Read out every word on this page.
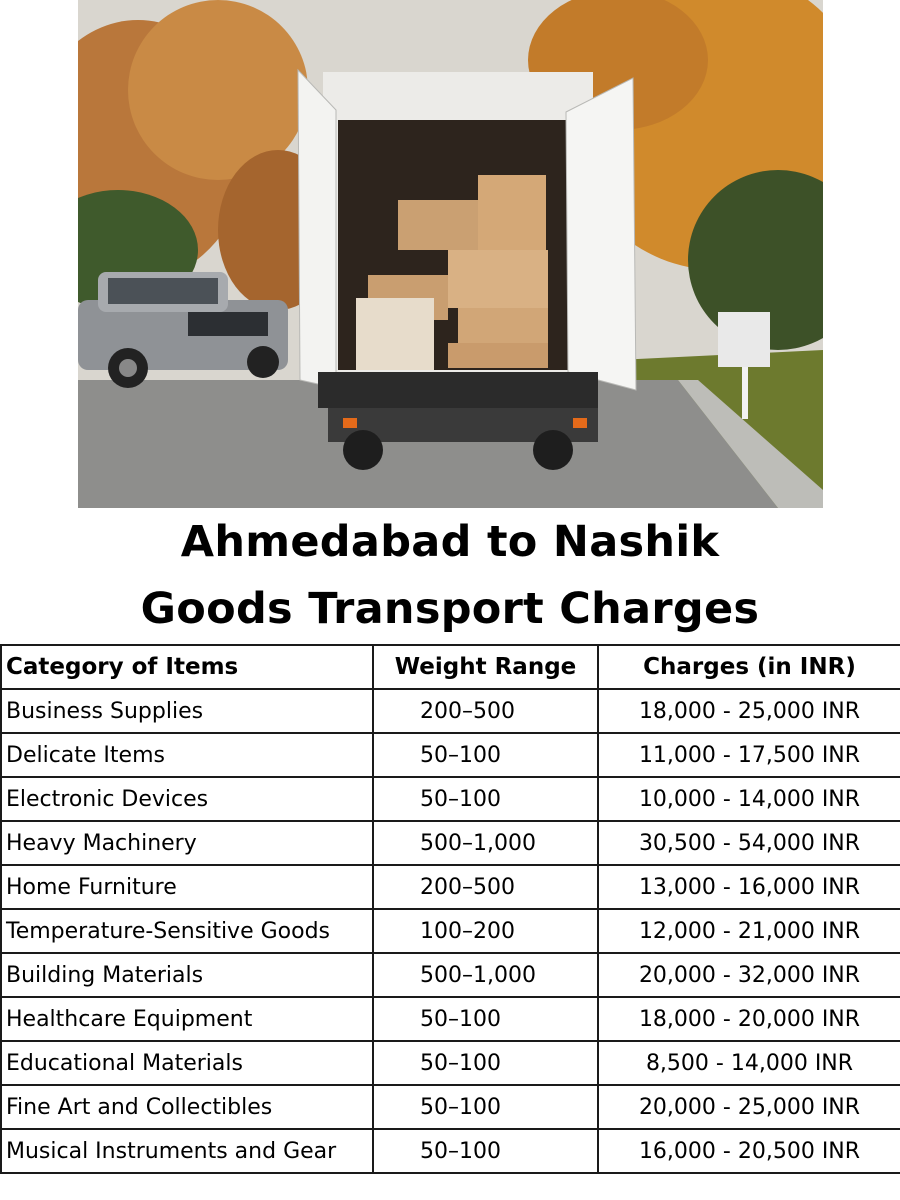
Ahmedabad to Nashik
Goods Transport Charges
Category of Items	Weight Range	Charges (in INR)
Business Supplies	200–500	18,000 - 25,000 INR
Delicate Items	50–100	11,000 - 17,500 INR
Electronic Devices	50–100	10,000 - 14,000 INR
Heavy Machinery	500–1,000	30,500 - 54,000 INR
Home Furniture	200–500	13,000 - 16,000 INR
Temperature-Sensitive Goods	100–200	12,000 - 21,000 INR
Building Materials	500–1,000	20,000 - 32,000 INR
Healthcare Equipment	50–100	18,000 - 20,000 INR
Educational Materials	50–100	8,500 - 14,000 INR
Fine Art and Collectibles	50–100	20,000 - 25,000 INR
Musical Instruments and Gear	50–100	16,000 - 20,500 INR
